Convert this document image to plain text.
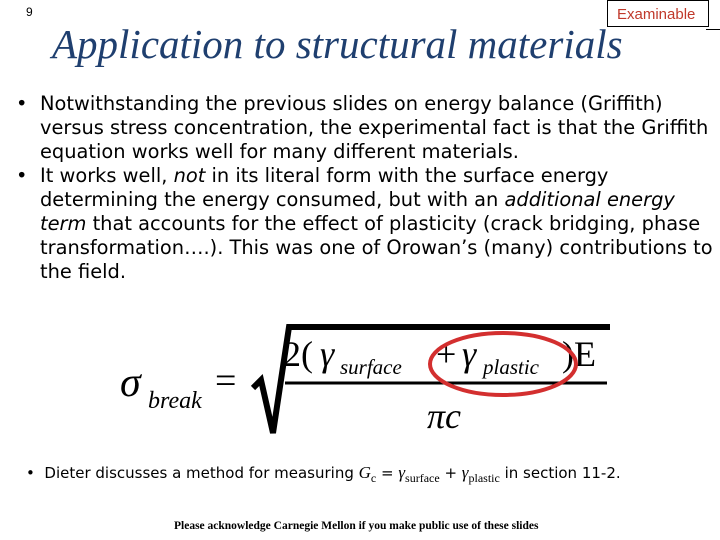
9	Examinable
Application to structural materials
• Notwithstanding the previous slides on energy balance (Griffith) versus stress concentration, the experimental fact is that the Griffith equation works well for many different materials.
• It works well, not in its literal form with the surface energy determining the energy consumed, but with an additional energy term that accounts for the effect of plasticity (crack bridging, phase transformation….). This was one of Orowan’s (many) contributions to the field.
σ break =
2( γ surface + γ plastic )E
πc
•  Dieter discusses a method for measuring $G_c = \gamma_{surface} + \gamma_{plastic}$ in section 11-2.
Please acknowledge Carnegie Mellon if you make public use of these slides
